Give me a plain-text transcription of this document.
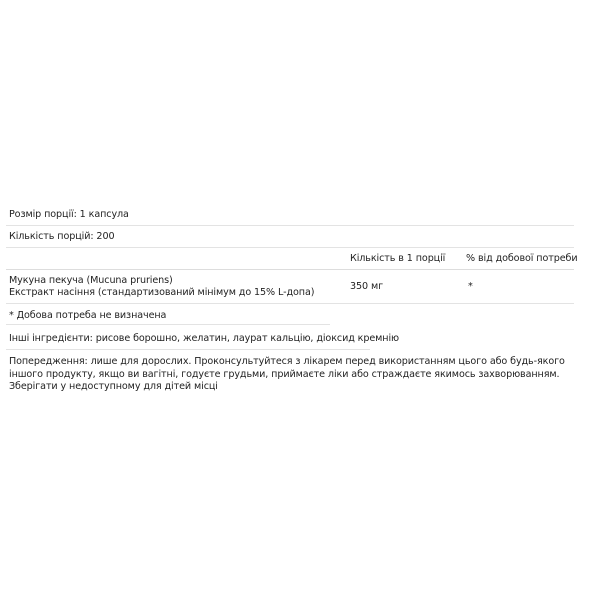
Розмір порції: 1 капсула
Кількість порцій: 200
Кількість в 1 порції % від добової потреби
Мукуна пекуча (Mucuna pruriens)
Екстракт насіння (стандартизований мінімум до 15% L-допа)
350 мг	*
* Добова потреба не визначена
Інші інгредієнти: рисове борошно, желатин, лаурат кальцію, діоксид кремнію
Попередження: лише для дорослих. Проконсультуйтеся з лікарем перед використанням цього або будь-якого іншого продукту, якщо ви вагітні, годуєте грудьми, приймаєте ліки або страждаєте якимось захворюванням. Зберігати у недоступному для дітей місці
